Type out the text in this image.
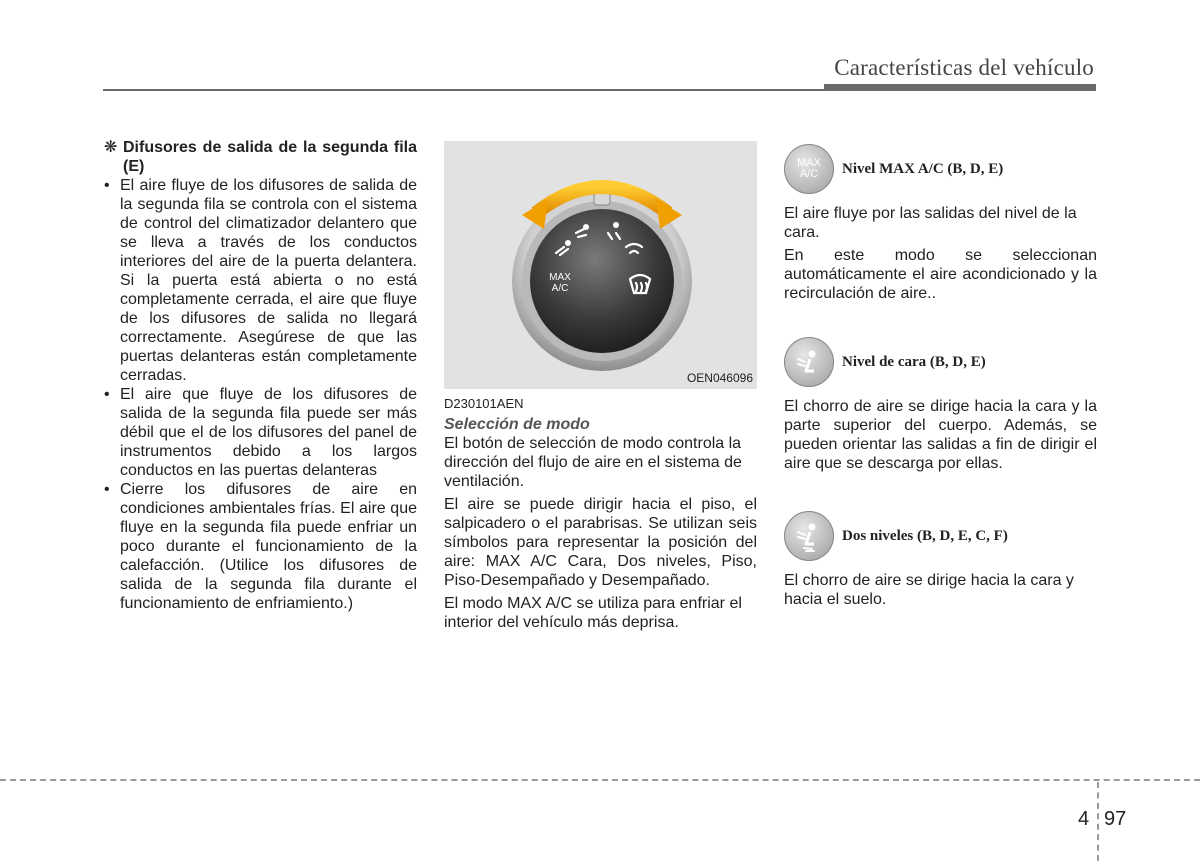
Características del vehículo
❋ Difusores de salida de la segunda fila (E)
• El aire fluye de los difusores de salida de la segunda fila se controla con el sistema de control del climatizador delantero que se lleva a través de los conductos interiores del aire de la puerta delantera. Si la puerta está abierta o no está completamente cerrada, el aire que fluye de los difusores de salida no llegará correctamente. Asegúrese de que las puertas delanteras están completamente cerradas.
• El aire que fluye de los difusores de salida de la segunda fila puede ser más débil que el de los difusores del panel de instrumentos debido a los largos conductos en las puertas delanteras
• Cierre los difusores de aire en condiciones ambientales frías. El aire que fluye en la segunda fila puede enfriar un poco durante el funcionamiento de la calefacción. (Utilice los difusores de salida de la segunda fila durante el funcionamiento de enfriamiento.)
MAX
A/C
OEN046096

D230101AEN

Selección de modo

El botón de selección de modo controla la dirección del flujo de aire en el sistema de ventilación.

El aire se puede dirigir hacia el piso, el salpicadero o el parabrisas. Se utilizan seis símbolos para representar la posición del aire: MAX A/C Cara, Dos niveles, Piso, Piso-Desempañado y Desempañado.

El modo MAX A/C se utiliza para enfriar el interior del vehículo más deprisa.

MAX
A/C Nivel MAX A/C (B, D, E)

El aire fluye por las salidas del nivel de la cara.

En este modo se seleccionan automáticamente el aire acondicionado y la recirculación de aire..

Nivel de cara (B, D, E)

El chorro de aire se dirige hacia la cara y la parte superior del cuerpo. Además, se pueden orientar las salidas a fin de dirigir el aire que se descarga por ellas.

Dos niveles (B, D, E, C, F)

El chorro de aire se dirige hacia la cara y hacia el suelo.

4 97
